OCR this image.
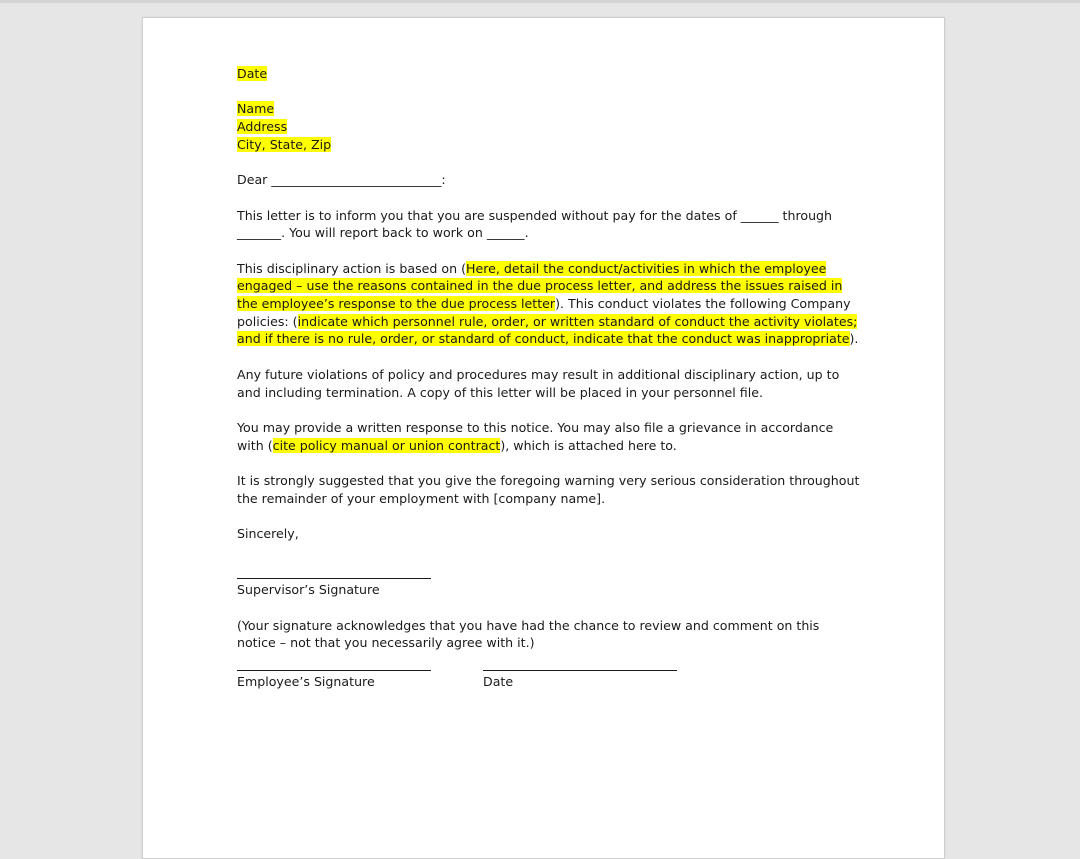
Date

Name
Address
City, State, Zip

Dear ___________________________:

This letter is to inform you that you are suspended without pay for the dates of ______ through
_______. You will report back to work on ______.

This disciplinary action is based on (Here, detail the conduct/activities in which the employee engaged – use the reasons contained in the due process letter, and address the issues raised in the employee’s response to the due process letter). This conduct violates the following Company policies: (indicate which personnel rule, order, or written standard of conduct the activity violates; and if there is no rule, order, or standard of conduct, indicate that the conduct was inappropriate).

Any future violations of policy and procedures may result in additional disciplinary action, up to and including termination. A copy of this letter will be placed in your personnel file.

You may provide a written response to this notice. You may also file a grievance in accordance with (cite policy manual or union contract), which is attached here to.

It is strongly suggested that you give the foregoing warning very serious consideration throughout the remainder of your employment with [company name].

Sincerely,

Supervisor’s Signature

(Your signature acknowledges that you have had the chance to review and comment on this notice – not that you necessarily agree with it.)

Employee’s Signature	Date
